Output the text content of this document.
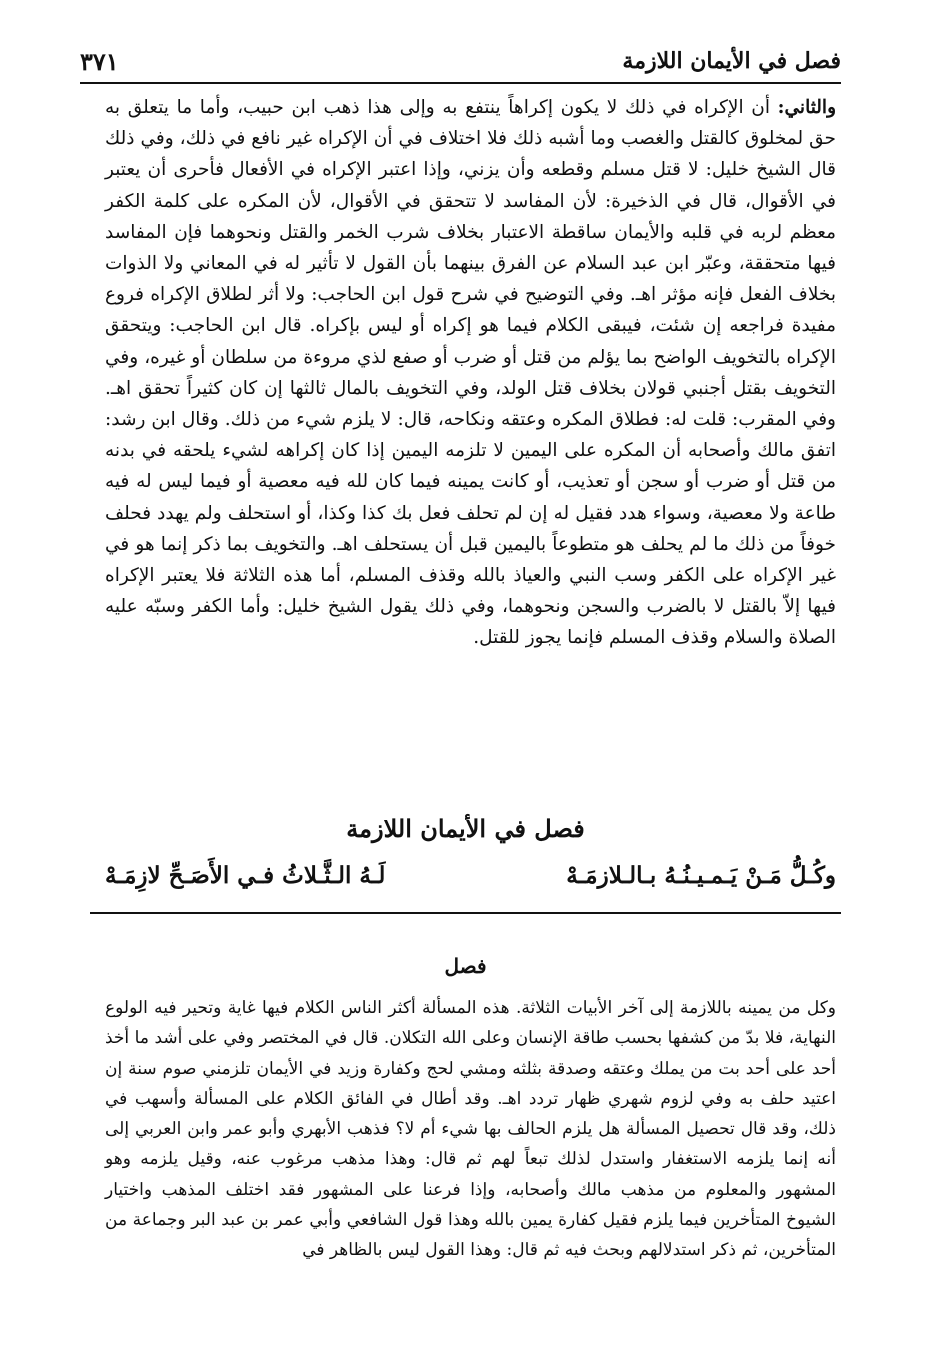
٣٧١	فصل في الأيمان اللازمة
والثاني: أن الإكراه في ذلك لا يكون إكراهاً ينتفع به وإلى هذا ذهب ابن حبيب، وأما ما يتعلق به حق لمخلوق كالقتل والغصب وما أشبه ذلك فلا اختلاف في أن الإكراه غير نافع في ذلك، وفي ذلك قال الشيخ خليل: لا قتل مسلم وقطعه وأن يزني، وإذا اعتبر الإكراه في الأفعال فأحرى أن يعتبر في الأقوال، قال في الذخيرة: لأن المفاسد لا تتحقق في الأقوال، لأن المكره على كلمة الكفر معظم لربه في قلبه والأيمان ساقطة الاعتبار بخلاف شرب الخمر والقتل ونحوهما فإن المفاسد فيها متحققة، وعبّر ابن عبد السلام عن الفرق بينهما بأن القول لا تأثير له في المعاني ولا الذوات بخلاف الفعل فإنه مؤثر اهـ. وفي التوضيح في شرح قول ابن الحاجب: ولا أثر لطلاق الإكراه فروع مفيدة فراجعه إن شئت، فيبقى الكلام فيما هو إكراه أو ليس بإكراه. قال ابن الحاجب: ويتحقق الإكراه بالتخويف الواضح بما يؤلم من قتل أو ضرب أو صفع لذي مروءة من سلطان أو غيره، وفي التخويف بقتل أجنبي قولان بخلاف قتل الولد، وفي التخويف بالمال ثالثها إن كان كثيراً تحقق اهـ. وفي المقرب: قلت له: فطلاق المكره وعتقه ونكاحه، قال: لا يلزم شيء من ذلك. وقال ابن رشد: اتفق مالك وأصحابه أن المكره على اليمين لا تلزمه اليمين إذا كان إكراهه لشيء يلحقه في بدنه من قتل أو ضرب أو سجن أو تعذيب، أو كانت يمينه فيما كان لله فيه معصية أو فيما ليس له فيه طاعة ولا معصية، وسواء هدد فقيل له إن لم تحلف فعل بك كذا وكذا، أو استحلف ولم يهدد فحلف خوفاً من ذلك ما لم يحلف هو متطوعاً باليمين قبل أن يستحلف اهـ. والتخويف بما ذكر إنما هو في غير الإكراه على الكفر وسب النبي والعياذ بالله وقذف المسلم، أما هذه الثلاثة فلا يعتبر الإكراه فيها إلاّ بالقتل لا بالضرب والسجن ونحوهما، وفي ذلك يقول الشيخ خليل: وأما الكفر وسبّه عليه الصلاة والسلام وقذف المسلم فإنما يجوز للقتل.
فصل في الأيمان اللازمة
وكُـلُّ مَـنْ يَـمـيـنُـهُ بـالـلازمَـهْ
لَـهُ الـثَّـلاثُ فـي الأَصَـحِّ لازِمَـهْ
فصل
وكل من يمينه باللازمة إلى آخر الأبيات الثلاثة. هذه المسألة أكثر الناس الكلام فيها غاية وتحير فيه الولوع النهاية، فلا بدّ من كشفها بحسب طاقة الإنسان وعلى الله التكلان. قال في المختصر وفي على أشد ما أخذ أحد على أحد بت من يملك وعتقه وصدقة بثلثه ومشي لحج وكفارة وزيد في الأيمان تلزمني صوم سنة إن اعتيد حلف به وفي لزوم شهري ظهار تردد اهـ. وقد أطال في الفائق الكلام على المسألة وأسهب في ذلك، وقد قال تحصيل المسألة هل يلزم الحالف بها شيء أم لا؟ فذهب الأبهري وأبو عمر وابن العربي إلى أنه إنما يلزمه الاستغفار واستدل لذلك تبعاً لهم ثم قال: وهذا مذهب مرغوب عنه، وقيل يلزمه وهو المشهور والمعلوم من مذهب مالك وأصحابه، وإذا فرعنا على المشهور فقد اختلف المذهب واختيار الشيوخ المتأخرين فيما يلزم فقيل كفارة يمين بالله وهذا قول الشافعي وأبي عمر بن عبد البر وجماعة من المتأخرين، ثم ذكر استدلالهم وبحث فيه ثم قال: وهذا القول ليس بالظاهر في
